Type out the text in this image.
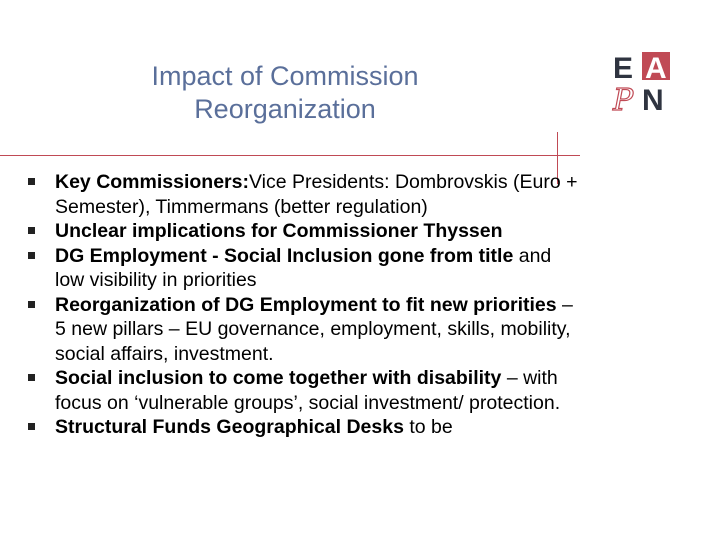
Impact of Commission
Reorganization
E A
P N

Key Commissioners:Vice Presidents: Dombrovskis (Euro + Semester), Timmermans (better regulation)

Unclear implications for Commissioner Thyssen

DG Employment - Social Inclusion gone from title and low visibility in priorities

Reorganization of DG Employment to fit new priorities – 5 new pillars – EU governance, employment, skills, mobility, social affairs, investment.

Social inclusion to come together with disability – with focus on ‘vulnerable groups’, social investment/ protection.

Structural Funds Geographical Desks to be
